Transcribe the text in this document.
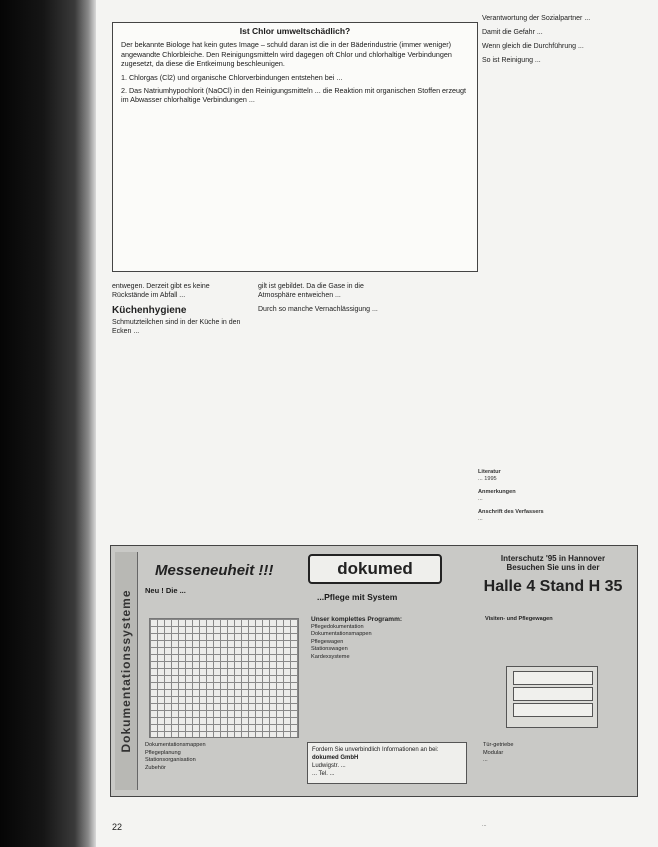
Ist Chlor umweltschädlich?

Der bekannte Biologe hat kein gutes Image – schuld daran ist die in der Bäderindustrie (immer weniger) angewandte Chlorbleiche. Den Reinigungsmitteln wird dagegen oft Chlor und chlorhaltige Verbindungen zugesetzt, da diese die Entkeimung beschleunigen.

1. Chlorgas (Cl2) und organische Chlorverbindungen entstehen bei ...

2. Das Natriumhypochlorit (NaOCl) in den Reinigungsmitteln ... die Reaktion mit organischen Stoffen erzeugt im Abwasser chlorhaltige Verbindungen ...

entwegen. Derzeit gibt es keine Rückstände im Abfall ...

Küchenhygiene

Schmutzteilchen sind in der Küche in den Ecken ...

gilt ist gebildet. Da die Gase in die Atmosphäre entweichen ...

Durch so manche Vernachlässigung ...

Verantwortung der Sozialpartner ...

Damit die Gefahr ...

Wenn gleich die Durchführung ...

So ist Reinigung ...

Literatur
... 1995
Anmerkungen
...
Anschrift des Verfassers
...
Dokumentationssysteme
Messeneuheit !!!
Neu ! Die ...
dokumed
...Pflege mit System
Interschutz '95 in Hannover
Besuchen Sie uns in der
Halle 4 Stand H 35
Dokumentationsmappen
Pflegeplanung
Stationsorganisation
Zubehör
Unser komplettes Programm:
Pflegedokumentation
Dokumentationsmappen
Pflegewagen
Stationswagen
Kardexsysteme
Fordern Sie unverbindlich Informationen an bei:
dokumed GmbH
Ludwigstr. ...
... Tel. ...
Visiten- und Pflegewagen
Tür-getriebe
Modular
...
22	...
